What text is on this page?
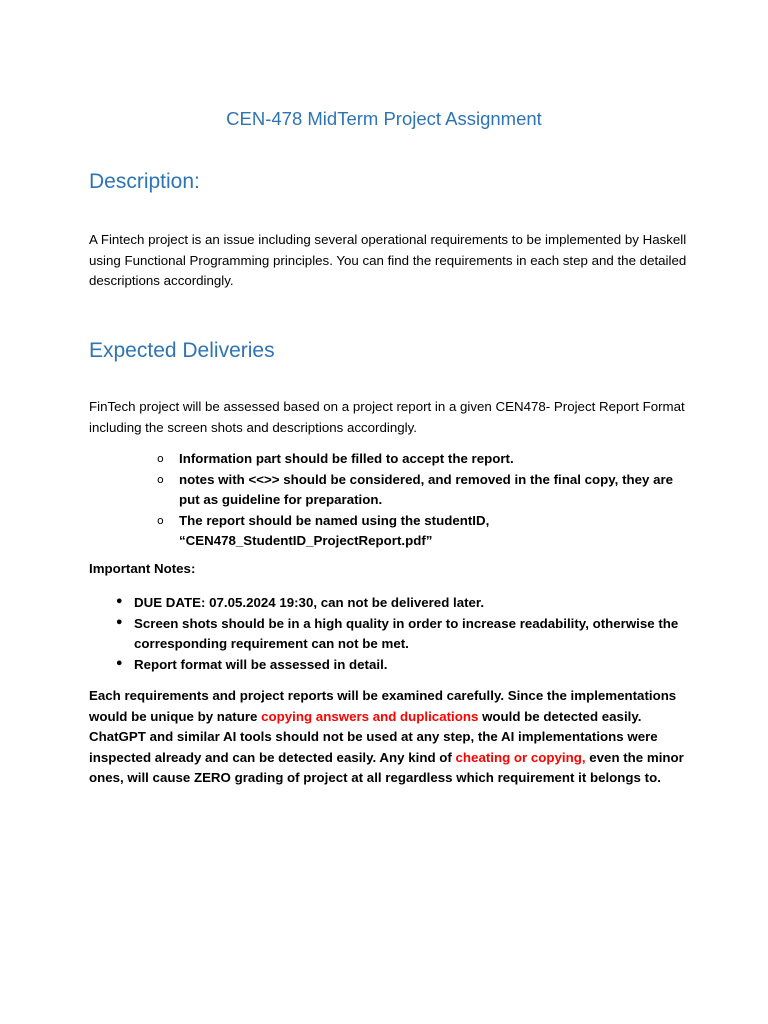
CEN-478 MidTerm Project Assignment
Description:

A Fintech project is an issue including several operational requirements to be implemented by Haskell using Functional Programming principles. You can find the requirements in each step and the detailed descriptions accordingly.

Expected Deliveries

FinTech project will be assessed based on a project report in a given CEN478- Project Report Format including the screen shots and descriptions accordingly.

o Information part should be filled to accept the report.
o notes with <<>> should be considered, and removed in the final copy, they are put as guideline for preparation.
o The report should be named using the studentID, “CEN478_StudentID_ProjectReport.pdf”
Important Notes:
• DUE DATE: 07.05.2024 19:30, can not be delivered later.
• Screen shots should be in a high quality in order to increase readability, otherwise the corresponding requirement can not be met.
• Report format will be assessed in detail.

Each requirements and project reports will be examined carefully. Since the implementations would be unique by nature copying answers and duplications would be detected easily. ChatGPT and similar AI tools should not be used at any step, the AI implementations were inspected already and can be detected easily. Any kind of cheating or copying, even the minor ones, will cause ZERO grading of project at all regardless which requirement it belongs to.
